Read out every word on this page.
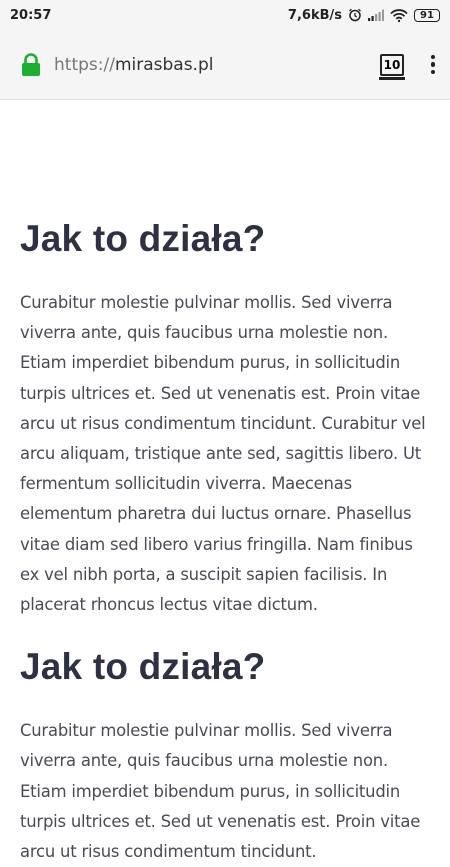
20:57	7,6kB/s	91
https://mirasbas.pl	10
Jak to działa?

Curabitur molestie pulvinar mollis. Sed viverra viverra ante, quis faucibus urna molestie non. Etiam imperdiet bibendum purus, in sollicitudin turpis ultrices et. Sed ut venenatis est. Proin vitae arcu ut risus condimentum tincidunt. Curabitur vel arcu aliquam, tristique ante sed, sagittis libero. Ut fermentum sollicitudin viverra. Maecenas elementum pharetra dui luctus ornare. Phasellus vitae diam sed libero varius fringilla. Nam finibus ex vel nibh porta, a suscipit sapien facilisis. In placerat rhoncus lectus vitae dictum.

Jak to działa?

Curabitur molestie pulvinar mollis. Sed viverra viverra ante, quis faucibus urna molestie non. Etiam imperdiet bibendum purus, in sollicitudin turpis ultrices et. Sed ut venenatis est. Proin vitae arcu ut risus condimentum tincidunt.
